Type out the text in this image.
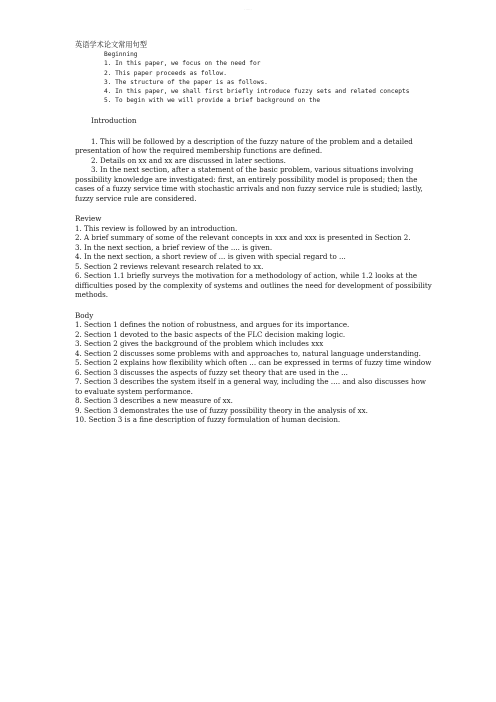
......
英语学术论文常用句型
Beginning
1. In this paper, we focus on the need for
2. This paper proceeds as follow.
3. The structure of the paper is as follows.
4. In this paper, we shall first briefly introduce fuzzy sets and related concepts
5. To begin with we will provide a brief background on the
Introduction

1. This will be followed by a description of the fuzzy nature of the problem and a detailed presentation of how the required membership functions are defined.

2. Details on xx and xx are discussed in later sections.

3. In the next section, after a statement of the basic problem, various situations involving possibility knowledge are investigated: first, an entirely possibility model is proposed; then the cases of a fuzzy service time with stochastic arrivals and non fuzzy service rule is studied; lastly, fuzzy service rule are considered.

Review

1. This review is followed by an introduction.

2. A brief summary of some of the relevant concepts in xxx and xxx is presented in Section 2.

3. In the next section, a brief review of the .... is given.

4. In the next section, a short review of ... is given with special regard to ...

5. Section 2 reviews relevant research related to xx.

6. Section 1.1 briefly surveys the motivation for a methodology of action, while 1.2 looks at the difficulties posed by the complexity of systems and outlines the need for development of possibility methods.

Body

1. Section 1 defines the notion of robustness, and argues for its importance.

2. Section 1 devoted to the basic aspects of the FLC decision making logic.

3. Section 2 gives the background of the problem which includes xxx

4. Section 2 discusses some problems with and approaches to, natural language understanding.

5. Section 2 explains how flexibility which often ... can be expressed in terms of fuzzy time window

6. Section 3 discusses the aspects of fuzzy set theory that are used in the ...

7. Section 3 describes the system itself in a general way, including the …. and also discusses how to evaluate system performance.

8. Section 3 describes a new measure of xx.

9. Section 3 demonstrates the use of fuzzy possibility theory in the analysis of xx.

10. Section 3 is a fine description of fuzzy formulation of human decision.
